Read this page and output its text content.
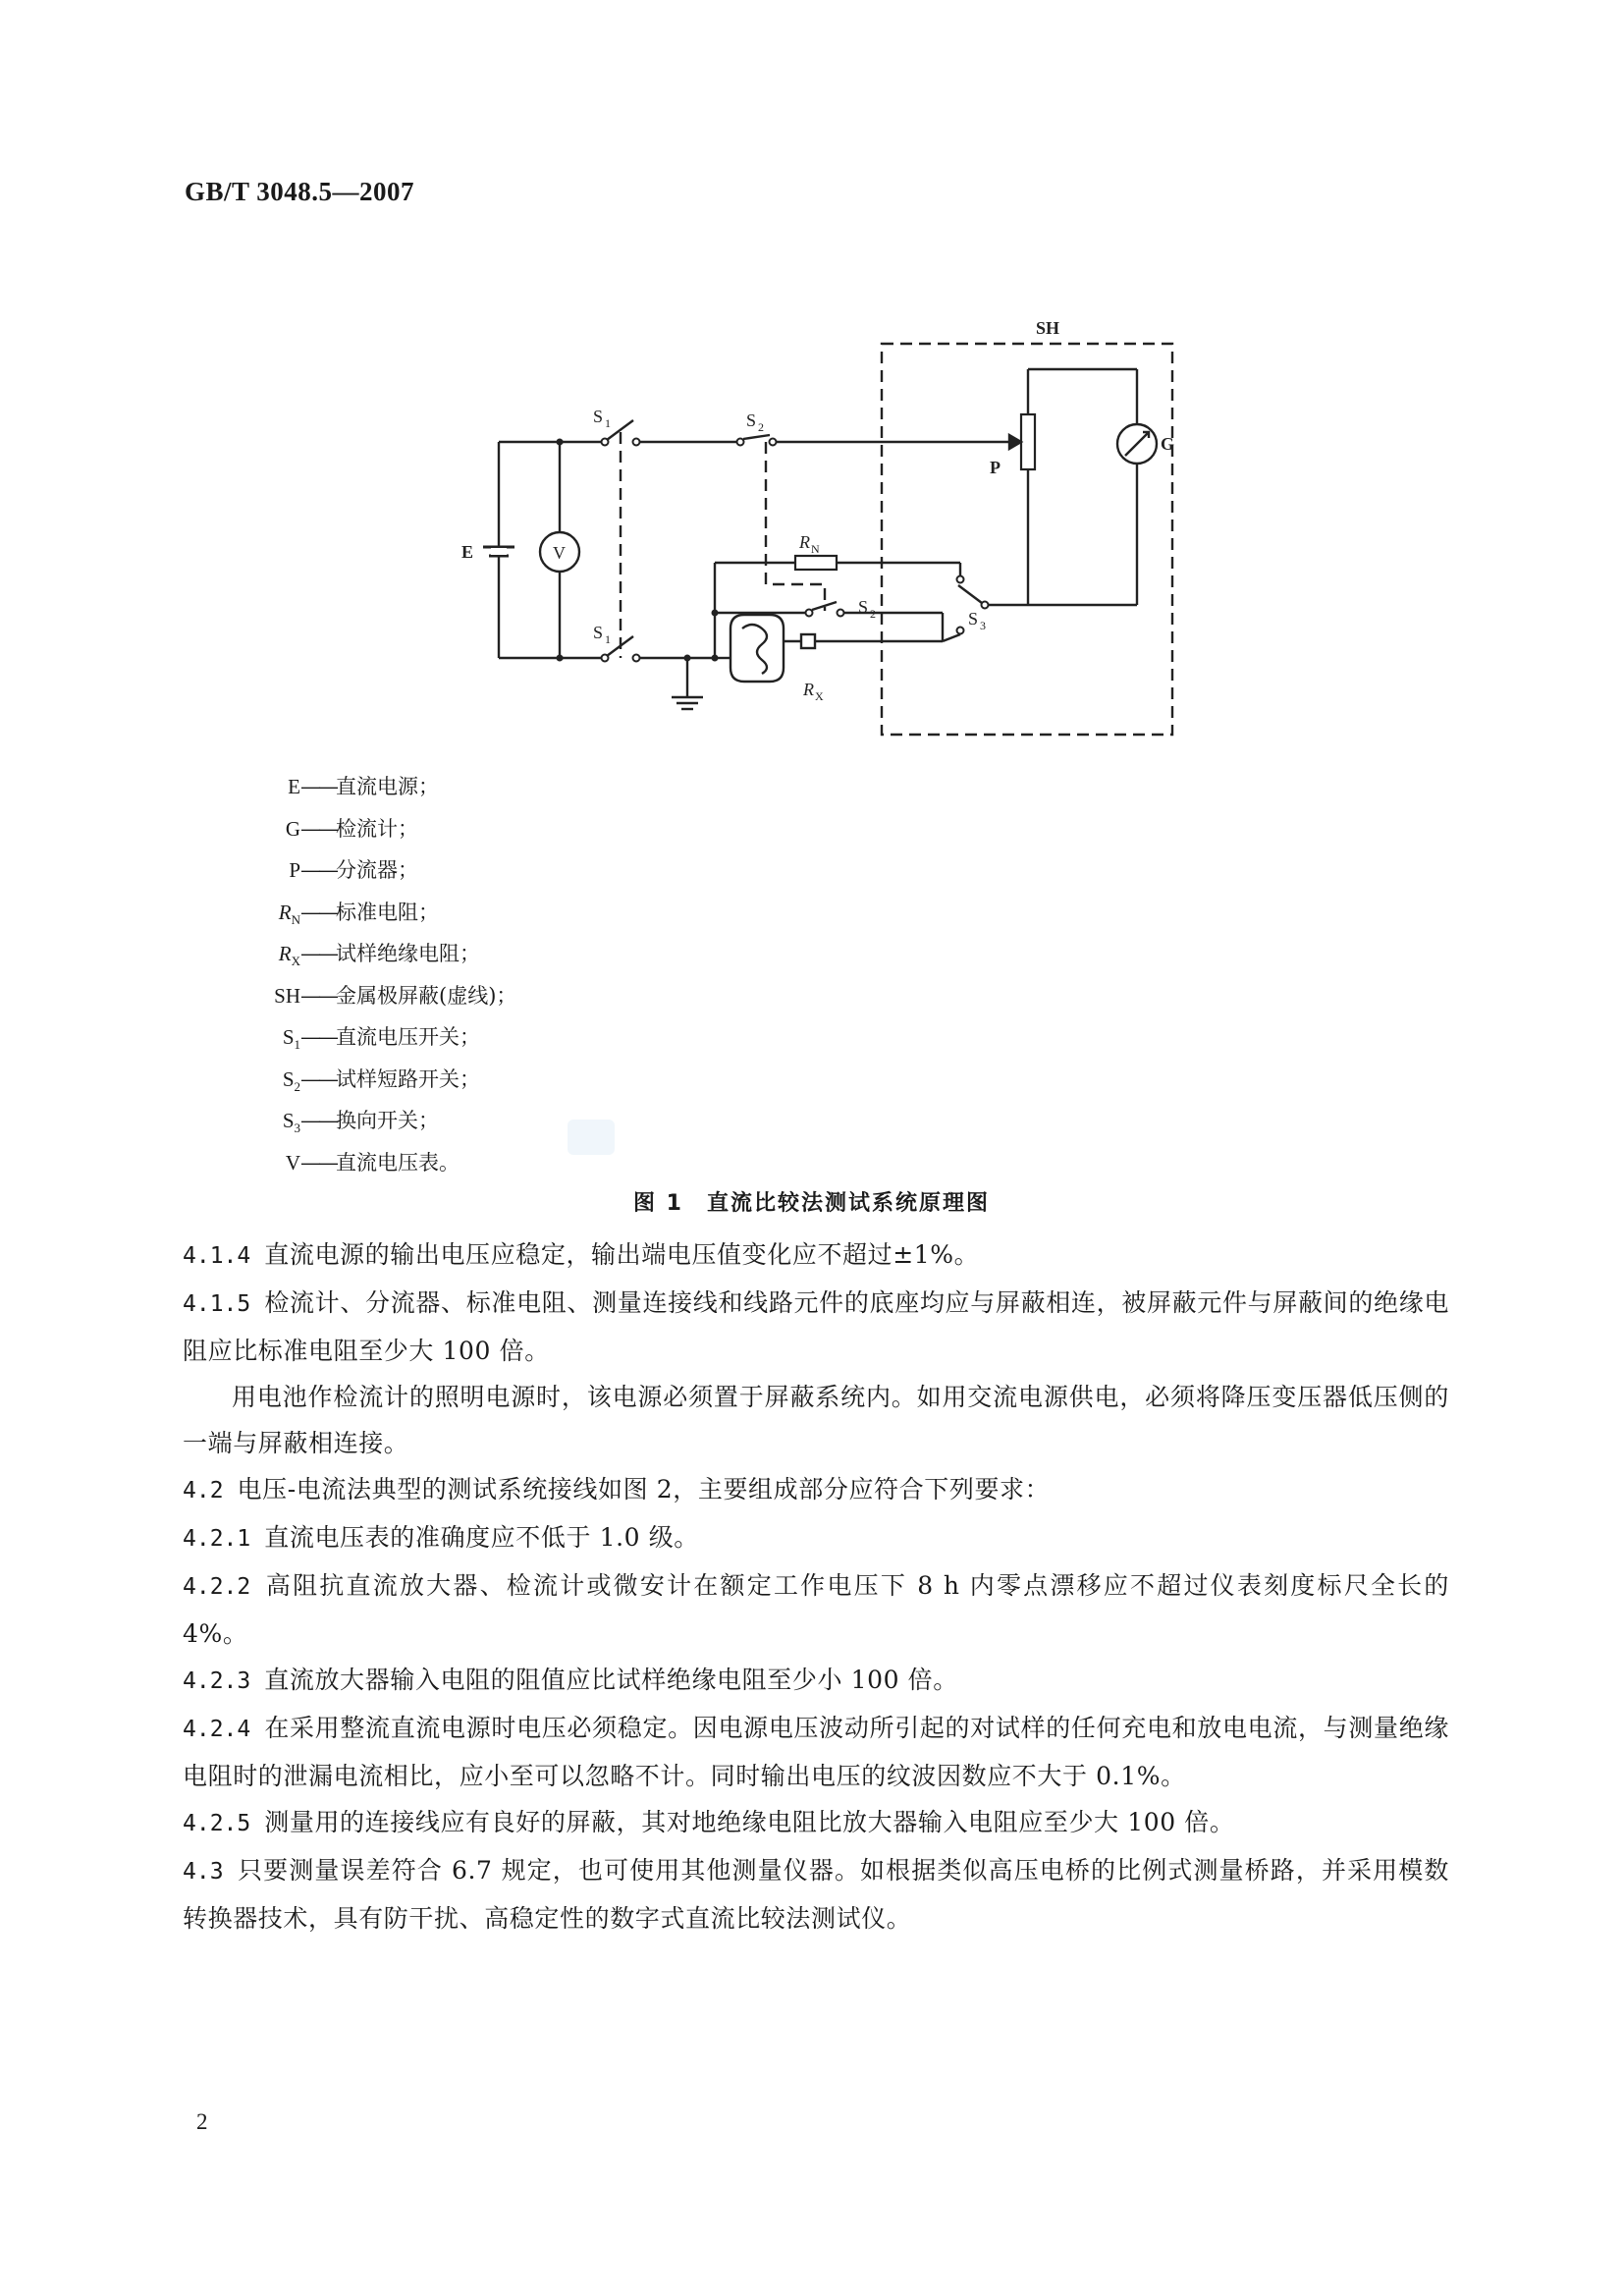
GB/T 3048.5—2007
SH
E	V
S 1
S 1
S 2
P
G
S 3
R N
S 2
R X
E——直流电源；
G——检流计；
P——分流器；
$R_N——$标准电阻；
$R_X——$试样绝缘电阻；
SH——金属极屏蔽(虚线)；
$S_1——$直流电压开关；
$S_2——$试样短路开关；
$S_3——$换向开关；
V——直流电压表。
图 1　直流比较法测试系统原理图
4.1.4 直流电源的输出电压应稳定，输出端电压值变化应不超过±1%。
4.1.5 检流计、分流器、标准电阻、测量连接线和线路元件的底座均应与屏蔽相连，被屏蔽元件与屏蔽间的绝缘电阻应比标准电阻至少大 100 倍。
用电池作检流计的照明电源时，该电源必须置于屏蔽系统内。如用交流电源供电，必须将降压变压器低压侧的一端与屏蔽相连接。
4.2 电压-电流法典型的测试系统接线如图 2，主要组成部分应符合下列要求：
4.2.1 直流电压表的准确度应不低于 1.0 级。
4.2.2 高阻抗直流放大器、检流计或微安计在额定工作电压下 8 h 内零点漂移应不超过仪表刻度标尺全长的 4%。
4.2.3 直流放大器输入电阻的阻值应比试样绝缘电阻至少小 100 倍。
4.2.4 在采用整流直流电源时电压必须稳定。因电源电压波动所引起的对试样的任何充电和放电电流，与测量绝缘电阻时的泄漏电流相比，应小至可以忽略不计。同时输出电压的纹波因数应不大于 0.1%。
4.2.5 测量用的连接线应有良好的屏蔽，其对地绝缘电阻比放大器输入电阻应至少大 100 倍。
4.3 只要测量误差符合 6.7 规定，也可使用其他测量仪器。如根据类似高压电桥的比例式测量桥路，并采用模数转换器技术，具有防干扰、高稳定性的数字式直流比较法测试仪。
2
